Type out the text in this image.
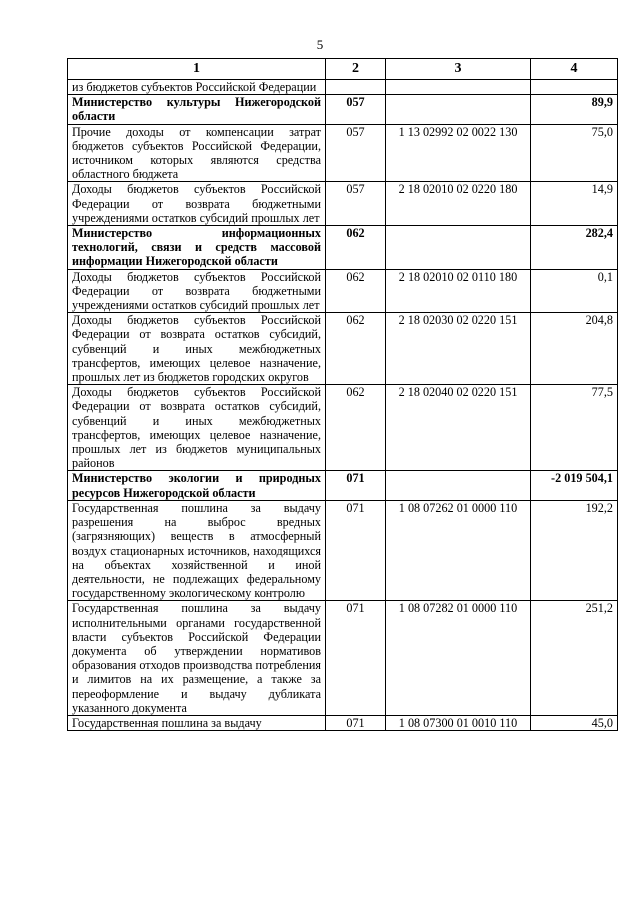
5
1	2	3	4
из бюджетов субъектов Российской Федерации			
Министерство культуры Нижегородской области	057		89,9
Прочие доходы от компенсации затрат бюджетов субъектов Российской Федерации, источником которых являются средства областного бюджета	057	1 13 02992 02 0022 130	75,0
Доходы бюджетов субъектов Российской Федерации от возврата бюджетными учреждениями остатков субсидий прошлых лет	057	2 18 02010 02 0220 180	14,9
Министерство информационных технологий, связи и средств массовой информации Нижегородской области	062		282,4
Доходы бюджетов субъектов Российской Федерации от возврата бюджетными учреждениями остатков субсидий прошлых лет	062	2 18 02010 02 0110 180	0,1
Доходы бюджетов субъектов Российской Федерации от возврата остатков субсидий, субвенций и иных межбюджетных трансфертов, имеющих целевое назначение, прошлых лет из бюджетов городских округов	062	2 18 02030 02 0220 151	204,8
Доходы бюджетов субъектов Российской Федерации от возврата остатков субсидий, субвенций и иных межбюджетных трансфертов, имеющих целевое назначение, прошлых лет из бюджетов муниципальных районов	062	2 18 02040 02 0220 151	77,5
Министерство экологии и природных ресурсов Нижегородской области	071		-2 019 504,1
Государственная пошлина за выдачу разрешения на выброс вредных (загрязняющих) веществ в атмосферный воздух стационарных источников, находящихся на объектах хозяйственной и иной деятельности, не подлежащих федеральному государственному экологическому контролю	071	1 08 07262 01 0000 110	192,2
Государственная пошлина за выдачу исполнительными органами государственной власти субъектов Российской Федерации документа об утверждении нормативов образования отходов производства потребления и лимитов на их размещение, а также за переоформление и выдачу дубликата указанного документа	071	1 08 07282 01 0000 110	251,2
Государственная пошлина за выдачу	071	1 08 07300 01 0010 110	45,0
